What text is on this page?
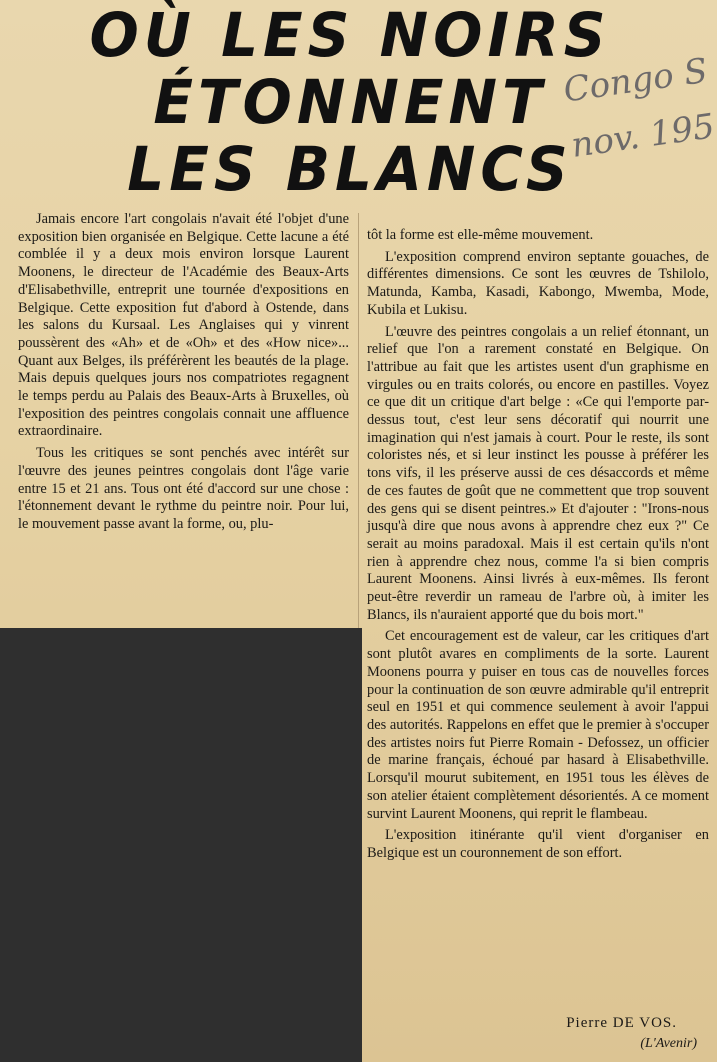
OÙ LES NOIRS
ÉTONNENT
LES BLANCS
Congo S
nov. 195

Jamais encore l'art congolais n'avait été l'objet d'une exposition bien organisée en Belgique. Cette lacune a été comblée il y a deux mois environ lorsque Laurent Moonens, le directeur de l'Académie des Beaux-Arts d'Elisabethville, entreprit une tournée d'expositions en Belgique. Cette exposition fut d'abord à Ostende, dans les salons du Kursaal. Les Anglaises qui y vinrent poussèrent des «Ah» et de «Oh» et des «How nice»... Quant aux Belges, ils préférèrent les beautés de la plage. Mais depuis quelques jours nos compatriotes regagnent le temps perdu au Palais des Beaux-Arts à Bruxelles, où l'exposition des peintres congolais connait une affluence extraordinaire.

Tous les critiques se sont penchés avec intérêt sur l'œuvre des jeunes peintres congolais dont l'âge varie entre 15 et 21 ans. Tous ont été d'accord sur une chose : l'étonnement devant le rythme du peintre noir. Pour lui, le mouvement passe avant la forme, ou, plu-

tôt la forme est elle-même mouvement.

L'exposition comprend environ septante gouaches, de différentes dimensions. Ce sont les œuvres de Tshilolo, Matunda, Kamba, Kasadi, Kabongo, Mwemba, Mode, Kubila et Lukisu.

L'œuvre des peintres congolais a un relief étonnant, un relief que l'on a rarement constaté en Belgique. On l'attribue au fait que les artistes usent d'un graphisme en virgules ou en traits colorés, ou encore en pastilles. Voyez ce que dit un critique d'art belge : «Ce qui l'emporte par-dessus tout, c'est leur sens décoratif qui nourrit une imagination qui n'est jamais à court. Pour le reste, ils sont coloristes nés, et si leur instinct les pousse à préférer les tons vifs, il les préserve aussi de ces désaccords et même de ces fautes de goût que ne commettent que trop souvent des gens qui se disent peintres.» Et d'ajouter : "Irons-nous jusqu'à dire que nous avons à apprendre chez eux ?" Ce serait au moins paradoxal. Mais il est certain qu'ils n'ont rien à apprendre chez nous, comme l'a si bien compris Laurent Moonens. Ainsi livrés à eux-mêmes. Ils feront peut-être reverdir un rameau de l'arbre où, à imiter les Blancs, ils n'auraient apporté que du bois mort."

Cet encouragement est de valeur, car les critiques d'art sont plutôt avares en compliments de la sorte. Laurent Moonens pourra y puiser en tous cas de nouvelles forces pour la continuation de son œuvre admirable qu'il entreprit seul en 1951 et qui commence seulement à avoir l'appui des autorités. Rappelons en effet que le premier à s'occuper des artistes noirs fut Pierre Romain - Defossez, un officier de marine français, échoué par hasard à Elisabethville. Lorsqu'il mourut subitement, en 1951 tous les élèves de son atelier étaient complètement désorientés. A ce moment survint Laurent Moonens, qui reprit le flambeau.

L'exposition itinérante qu'il vient d'organiser en Belgique est un couronnement de son effort.

Pierre DE VOS.
(L'Avenir)
